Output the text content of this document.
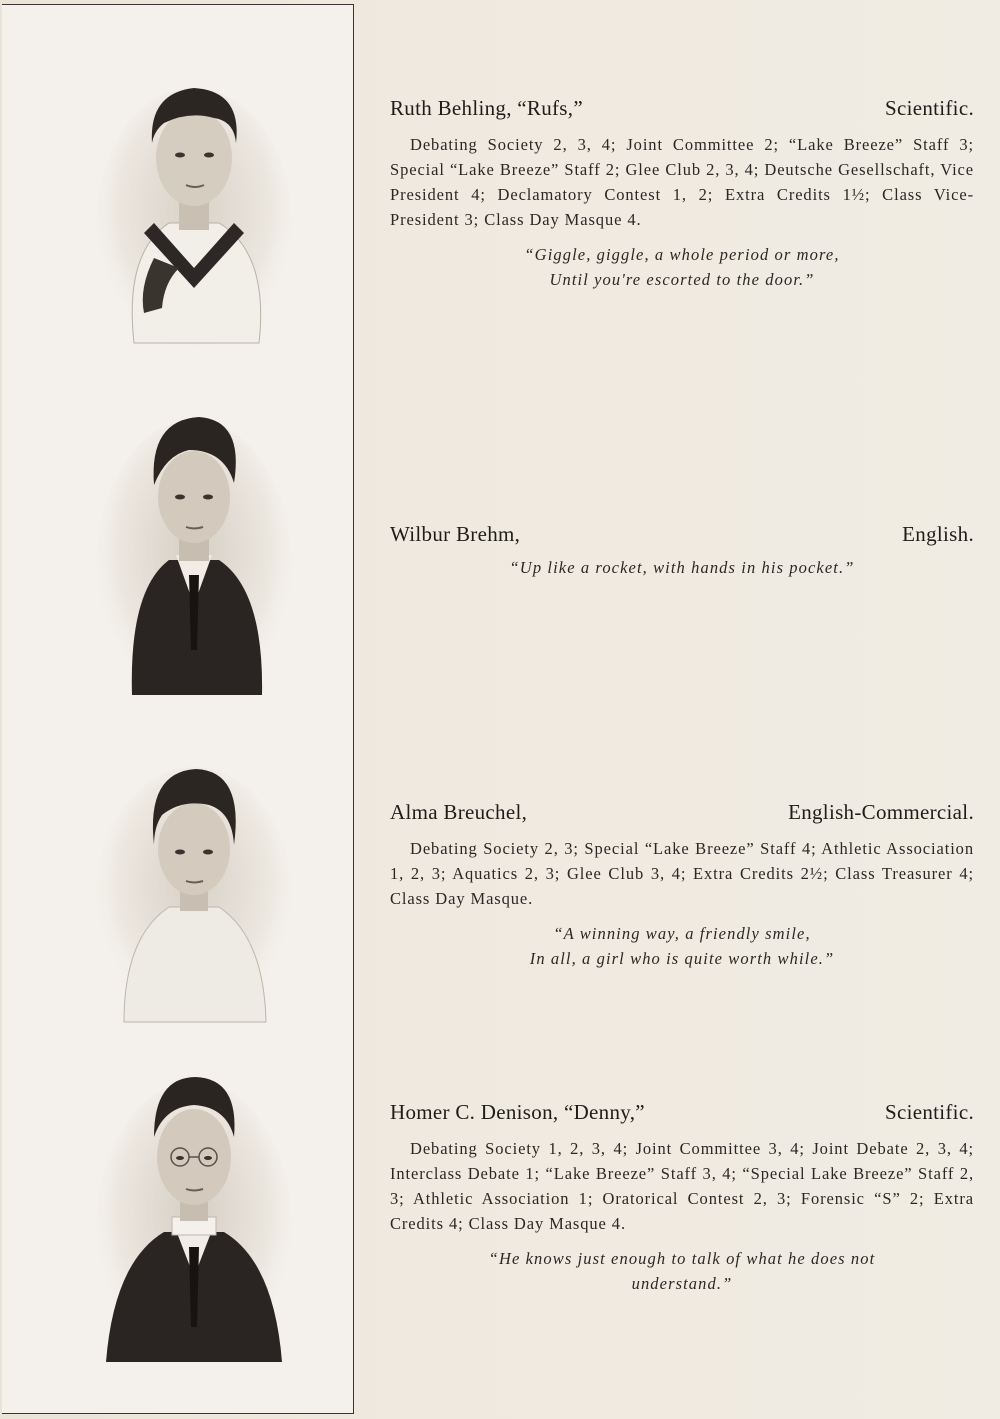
Ruth Behling, “Rufs,”	Scientific.
Debating Society 2, 3, 4; Joint Committee 2; “Lake Breeze” Staff 3; Special “Lake Breeze” Staff 2; Glee Club 2, 3, 4; Deutsche Gesellschaft, Vice President 4; Declamatory Contest 1, 2; Extra Credits 1½; Class Vice-President 3; Class Day Masque 4.
“Giggle, giggle, a whole period or more,
Until you're escorted to the door.”
Wilbur Brehm,	English.
“Up like a rocket, with hands in his pocket.”
Alma Breuchel,	English-Commercial.
Debating Society 2, 3; Special “Lake Breeze” Staff 4; Athletic Association 1, 2, 3; Aquatics 2, 3; Glee Club 3, 4; Extra Credits 2½; Class Treasurer 4; Class Day Masque.
“A winning way, a friendly smile,
In all, a girl who is quite worth while.”
Homer C. Denison, “Denny,”	Scientific.
Debating Society 1, 2, 3, 4; Joint Committee 3, 4; Joint Debate 2, 3, 4; Interclass Debate 1; “Lake Breeze” Staff 3, 4; “Special Lake Breeze” Staff 2, 3; Athletic Association 1; Oratorical Contest 2, 3; Forensic “S” 2; Extra Credits 4; Class Day Masque 4.
“He knows just enough to talk of what he does not
understand.”
